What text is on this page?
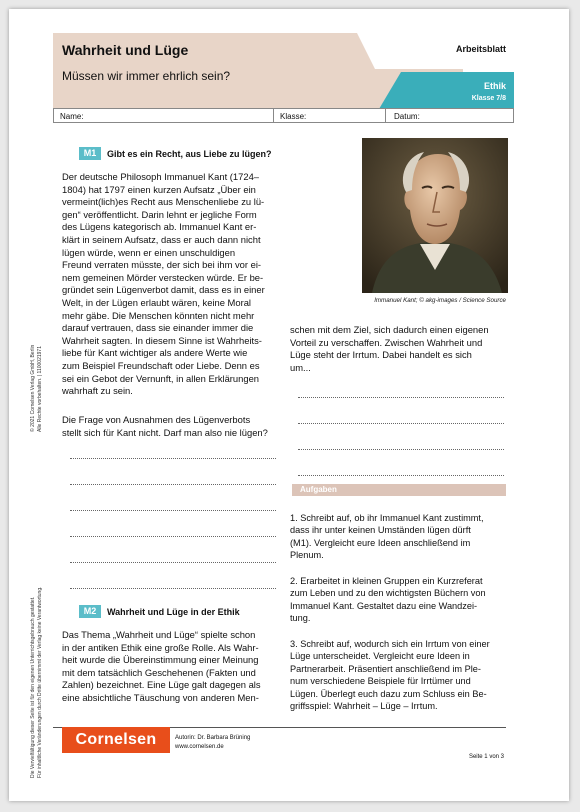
Wahrheit und Lüge
Müssen wir immer ehrlich sein?
Arbeitsblatt
Ethik
Klasse 7/8
Name:	Klasse:	Datum:
M1	Gibt es ein Recht, aus Liebe zu lügen?

Der deutsche Philosoph Immanuel Kant (1724–

1804) hat 1797 einen kurzen Aufsatz „Über ein

vermeint(lich)es Recht aus Menschenliebe zu lü-

gen“ veröffentlicht. Darin lehnt er jegliche Form

des Lügens kategorisch ab. Immanuel Kant er-

klärt in seinem Aufsatz, dass er auch dann nicht

lügen würde, wenn er einen unschuldigen

Freund verraten müsste, der sich bei ihm vor ei-

nem gemeinen Mörder verstecken würde. Er be-

gründet sein Lügenverbot damit, dass es in einer

Welt, in der Lügen erlaubt wären, keine Moral

mehr gäbe. Die Menschen könnten nicht mehr

darauf vertrauen, dass sie einander immer die

Wahrheit sagten. In diesem Sinne ist Wahrheits-

liebe für Kant wichtiger als andere Werte wie

zum Beispiel Freundschaft oder Liebe. Denn es

sei ein Gebot der Vernunft, in allen Erklärungen

wahrhaft zu sein.

Die Frage von Ausnahmen des Lügenverbots

stellt sich für Kant nicht. Darf man also nie lügen?

M2	Wahrheit und Lüge in der Ethik

Das Thema „Wahrheit und Lüge“ spielte schon

in der antiken Ethik eine große Rolle. Als Wahr-

heit wurde die Übereinstimmung einer Meinung

mit dem tatsächlich Geschehenen (Fakten und

Zahlen) bezeichnet. Eine Lüge galt dagegen als

eine absichtliche Täuschung von anderen Men-

Immanuel Kant; © akg-images / Science Source

schen mit dem Ziel, sich dadurch einen eigenen

Vorteil zu verschaffen. Zwischen Wahrheit und

Lüge steht der Irrtum. Dabei handelt es sich

um...

Aufgaben

1. Schreibt auf, ob ihr Immanuel Kant zustimmt,

dass ihr unter keinen Umständen lügen dürft

(M1). Vergleicht eure Ideen anschließend im

Plenum.

2. Erarbeitet in kleinen Gruppen ein Kurzreferat

zum Leben und zu den wichtigsten Büchern von

Immanuel Kant. Gestaltet dazu eine Wandzei-

tung.

3. Schreibt auf, wodurch sich ein Irrtum von einer

Lüge unterscheidet. Vergleicht eure Ideen in

Partnerarbeit. Präsentiert anschließend im Ple-

num verschiedene Beispiele für Irrtümer und

Lügen. Überlegt euch dazu zum Schluss ein Be-

griffsspiel: Wahrheit – Lüge – Irrtum.

© 2021 Cornelsen Verlag GmbH, Berlin Alle Rechte vorbehalten. | 1100021971
Die Vervielfältigung dieser Seite ist für den eigenen Unterrichtsgebrauch gestattet. Für inhaltliche Veränderungen durch Dritte übernimmt der Verlag keine Verantwortung.	Cornelsen	Autorin: Dr. Barbara Brüning
www.cornelsen.de
Seite 1 von 3
